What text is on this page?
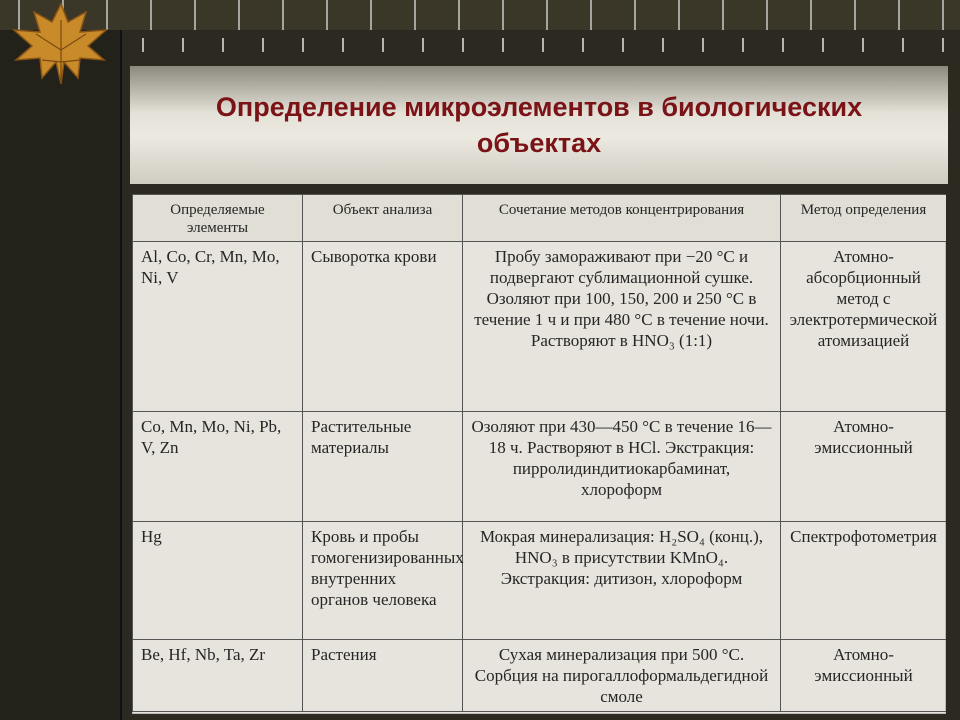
Определение микроэлементов в биологических объектах
Определяемые элементы	Объект анализа	Сочетание методов концентрирования	Метод определения
Al, Co, Cr, Mn, Mo, Ni, V	Сыворотка крови	Пробу замораживают при −20 °С и подвергают сублимационной сушке. Озоляют при 100, 150, 200 и 250 °С в течение 1 ч и при 480 °С в течение ночи. Растворяют в HNO₃ (1:1)	Атомно-абсорбционный метод с электротермической атомизацией
Co, Mn, Mo, Ni, Pb, V, Zn	Растительные материалы	Озоляют при 430—450 °С в течение 16—18 ч. Растворяют в HCl. Экстракция: пирролидиндитиокарбаминат, хлороформ	Атомно-эмиссионный
Hg	Кровь и пробы гомогенизированных внутренних органов человека	Мокрая минерализация: H₂SO₄ (конц.), HNO₃ в присутствии KMnO₄. Экстракция: дитизон, хлороформ	Спектрофотометрия
Be, Hf, Nb, Ta, Zr	Растения	Сухая минерализация при 500 °С. Сорбция на пирогаллоформальдегидной смоле	Атомно-эмиссионный
